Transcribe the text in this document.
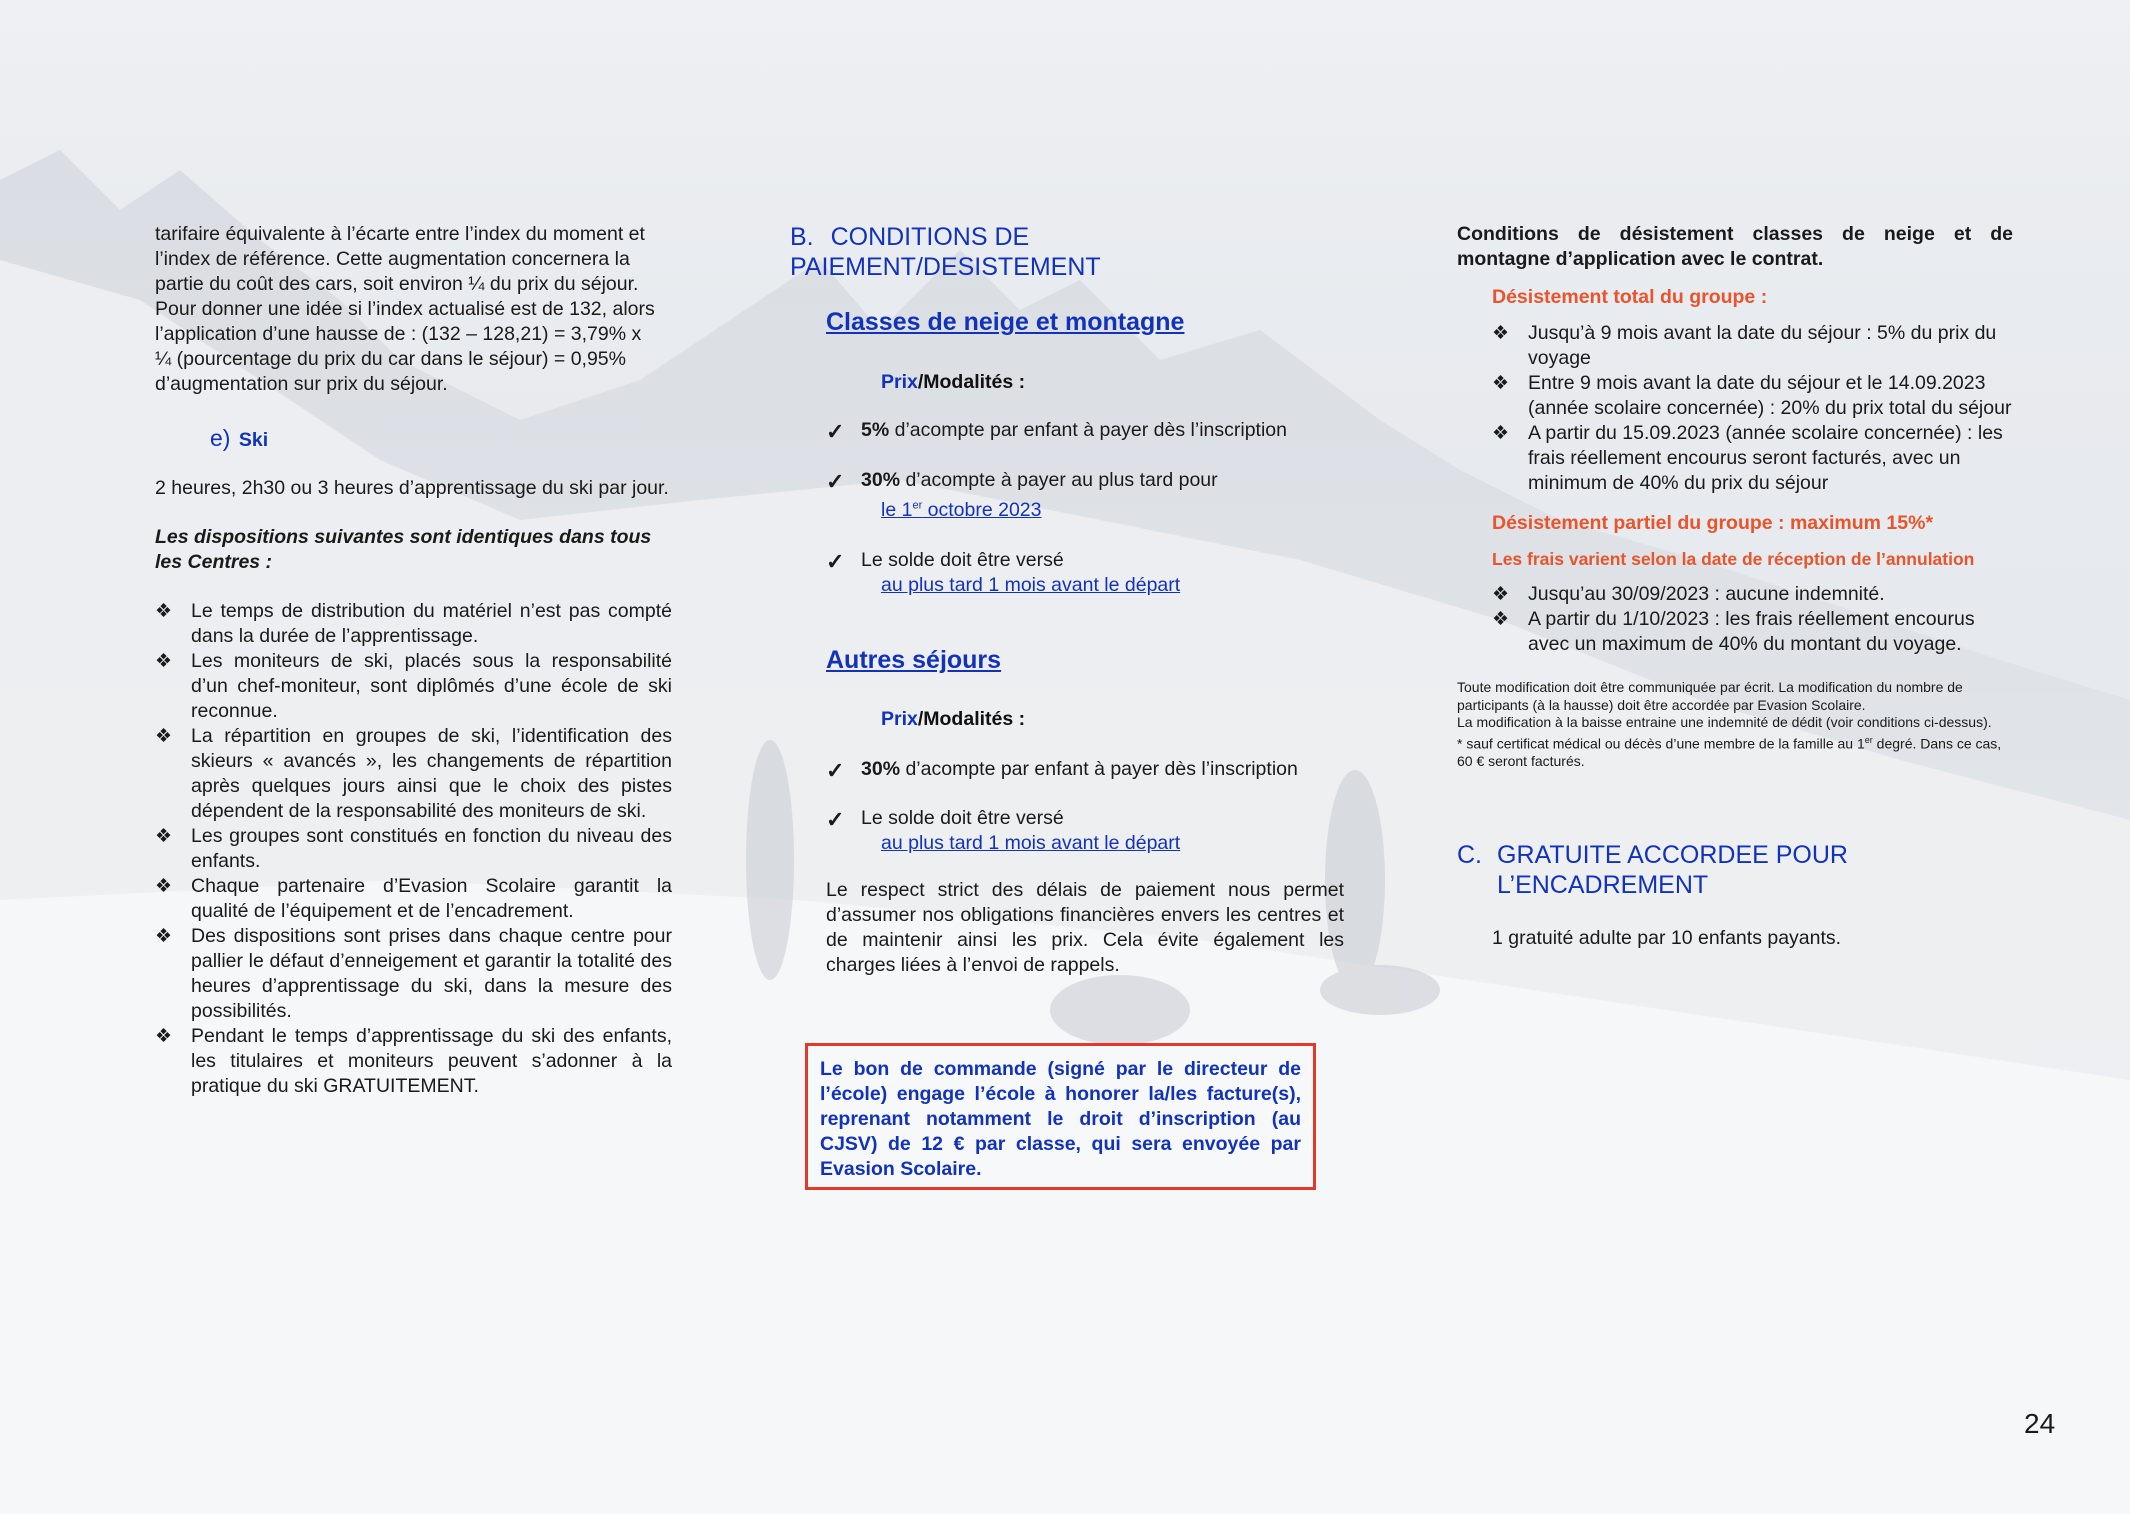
tarifaire équivalente à l’écarte entre l’index du moment et
l’index de référence. Cette augmentation concernera la
partie du coût des cars, soit environ ¼ du prix du séjour.
Pour donner une idée si l’index actualisé est de 132, alors
l’application d’une hausse de : (132 – 128,21) = 3,79% x
¼ (pourcentage du prix du car dans le séjour) = 0,95%
d’augmentation sur prix du séjour.
e) Ski
2 heures, 2h30 ou 3 heures d’apprentissage du ski par jour.
Les dispositions suivantes sont identiques dans tous les Centres :
❖ Le temps de distribution du matériel n’est pas compté dans la durée de l’apprentissage.
❖ Les moniteurs de ski, placés sous la responsabilité d’un chef-moniteur, sont diplômés d’une école de ski reconnue.
❖ La répartition en groupes de ski, l’identification des skieurs « avancés », les changements de répartition après quelques jours ainsi que le choix des pistes dépendent de la responsabilité des moniteurs de ski.
❖ Les groupes sont constitués en fonction du niveau des enfants.
❖ Chaque partenaire d’Evasion Scolaire garantit la qualité de l’équipement et de l’encadrement.
❖ Des dispositions sont prises dans chaque centre pour pallier le défaut d’enneigement et garantir la totalité des heures d’apprentissage du ski, dans la mesure des possibilités.
❖ Pendant le temps d’apprentissage du ski des enfants, les titulaires et moniteurs peuvent s’adonner à la pratique du ski GRATUITEMENT.
B. CONDITIONS DE PAIEMENT/DESISTEMENT
Classes de neige et montagne
Prix/Modalités :
✓ 5% d’acompte par enfant à payer dès l’inscription
✓ 30% d’acompte à payer au plus tard pour
le 1er octobre 2023
✓ Le solde doit être versé
au plus tard 1 mois avant le départ
Autres séjours
Prix/Modalités :
✓ 30% d’acompte par enfant à payer dès l’inscription
✓ Le solde doit être versé
au plus tard 1 mois avant le départ
Le respect strict des délais de paiement nous permet d’assumer nos obligations financières envers les centres et de maintenir ainsi les prix. Cela évite également les charges liées à l’envoi de rappels.
Le bon de commande (signé par le directeur de l’école) engage l’école à honorer la/les facture(s), reprenant notamment le droit d’inscription (au CJSV) de 12 € par classe, qui sera envoyée par Evasion Scolaire.
Conditions de désistement classes de neige et de montagne d’application avec le contrat.
Désistement total du groupe :
❖ Jusqu’à 9 mois avant la date du séjour : 5% du prix du voyage
❖ Entre 9 mois avant la date du séjour et le 14.09.2023 (année scolaire concernée) : 20% du prix total du séjour
❖ A partir du 15.09.2023 (année scolaire concernée) : les frais réellement encourus seront facturés, avec un minimum de 40% du prix du séjour
Désistement partiel du groupe : maximum 15%*
Les frais varient selon la date de réception de l’annulation
❖ Jusqu’au 30/09/2023 : aucune indemnité.
❖ A partir du 1/10/2023 : les frais réellement encourus avec un maximum de 40% du montant du voyage.
Toute modification doit être communiquée par écrit. La modification du nombre de participants (à la hausse) doit être accordée par Evasion Scolaire.
La modification à la baisse entraine une indemnité de dédit (voir conditions ci-dessus).
* sauf certificat médical ou décès d’une membre de la famille au 1er degré. Dans ce cas, 60 € seront facturés.
C. GRATUITE ACCORDEE POUR L’ENCADREMENT
1 gratuité adulte par 10 enfants payants.
24
